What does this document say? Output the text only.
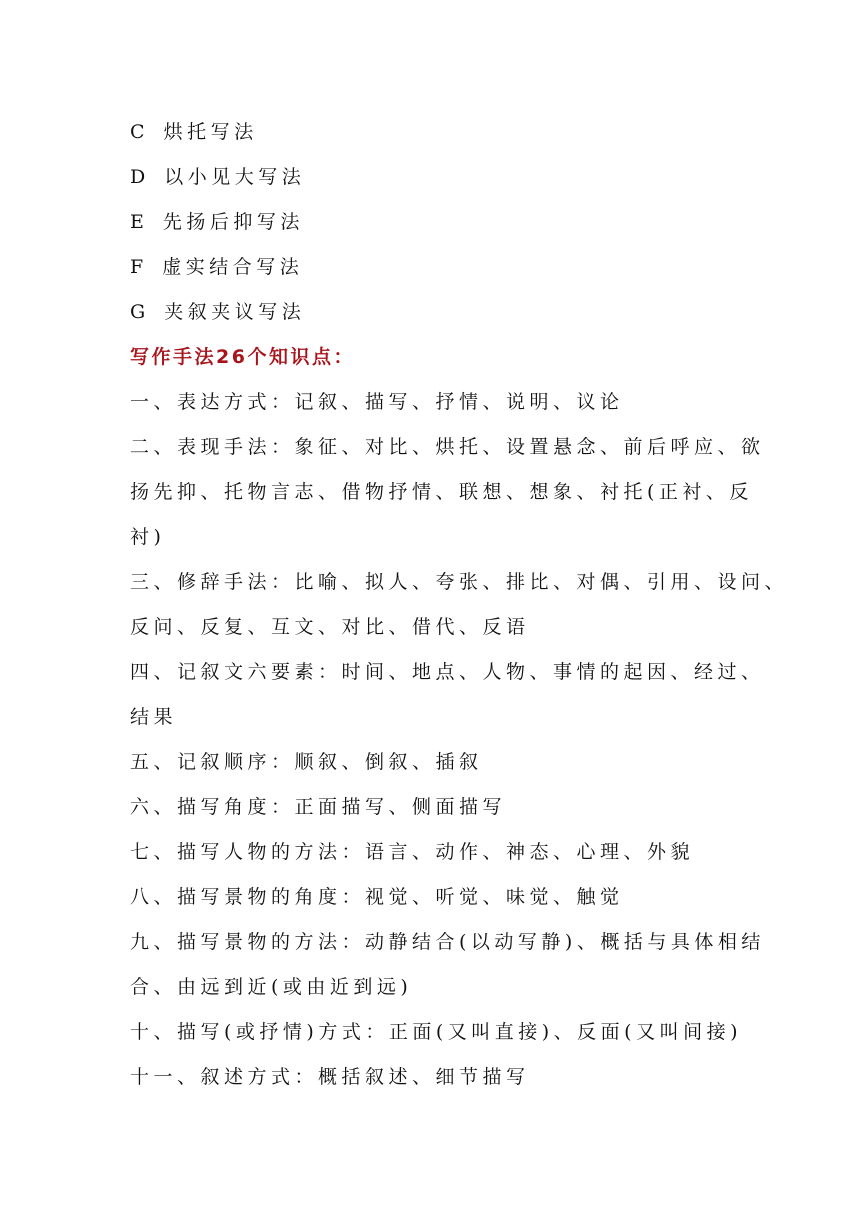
C 烘托写法
D 以小见大写法
E 先扬后抑写法
F 虚实结合写法
G 夹叙夹议写法
写作手法26个知识点：
一、表达方式：记叙、描写、抒情、说明、议论
二、表现手法：象征、对比、烘托、设置悬念、前后呼应、欲
扬先抑、托物言志、借物抒情、联想、想象、衬托(正衬、反
衬)
三、修辞手法：比喻、拟人、夸张、排比、对偶、引用、设问、
反问、反复、互文、对比、借代、反语
四、记叙文六要素：时间、地点、人物、事情的起因、经过、
结果
五、记叙顺序：顺叙、倒叙、插叙
六、描写角度：正面描写、侧面描写
七、描写人物的方法：语言、动作、神态、心理、外貌
八、描写景物的角度：视觉、听觉、味觉、触觉
九、描写景物的方法：动静结合(以动写静)、概括与具体相结
合、由远到近(或由近到远)
十、描写(或抒情)方式：正面(又叫直接)、反面(又叫间接)
十一、叙述方式：概括叙述、细节描写
